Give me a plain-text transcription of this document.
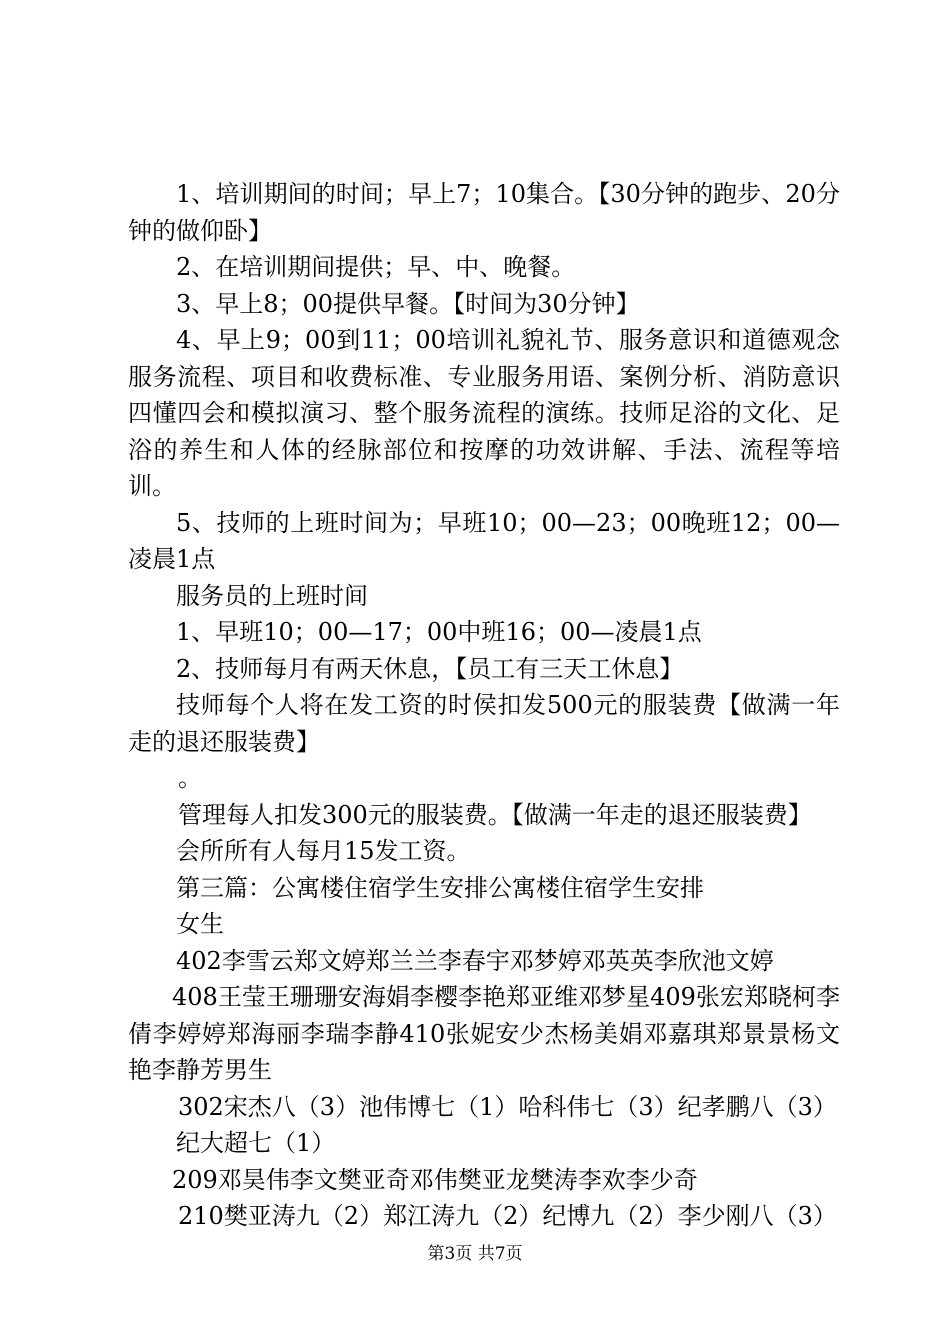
1、培训期间的时间；早上7；10集合。【30分钟的跑步、20分钟的做仰卧】

2、在培训期间提供；早、中、晚餐。

3、早上8；00提供早餐。【时间为30分钟】

4、早上9；00到11；00培训礼貌礼节、服务意识和道德观念服务流程、项目和收费标准、专业服务用语、案例分析、消防意识四懂四会和模拟演习、整个服务流程的演练。技师足浴的文化、足浴的养生和人体的经脉部位和按摩的功效讲解、手法、流程等培训。

5、技师的上班时间为；早班10；00—23；00晚班12；00—凌晨1点

服务员的上班时间

1、早班10；00—17；00中班16；00—凌晨1点

2、技师每月有两天休息，【员工有三天工休息】

技师每个人将在发工资的时侯扣发500元的服装费【做满一年走的退还服装费】

。

管理每人扣发300元的服装费。【做满一年走的退还服装费】

会所所有人每月15发工资。

第三篇：公寓楼住宿学生安排公寓楼住宿学生安排

女生

402李雪云郑文婷郑兰兰李春宇邓梦婷邓英英李欣池文婷

408王莹王珊珊安海娟李樱李艳郑亚维邓梦星409张宏郑晓柯李倩李婷婷郑海丽李瑞李静410张妮安少杰杨美娟邓嘉琪郑景景杨文艳李静芳男生

302宋杰八（3）池伟博七（1）哈科伟七（3）纪孝鹏八（3）

纪大超七（1）

209邓昊伟李文樊亚奇邓伟樊亚龙樊涛李欢李少奇

210樊亚涛九（2）郑江涛九（2）纪博九（2）李少刚八（3）

第3页 共7页
